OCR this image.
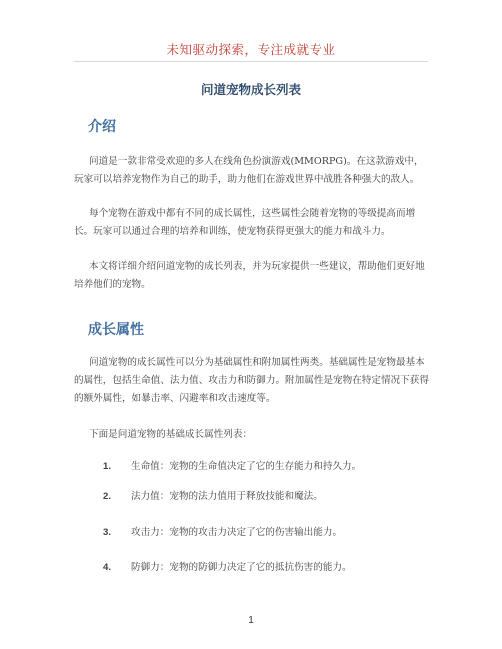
未知驱动探索，专注成就专业
问道宠物成长列表
介绍

问道是一款非常受欢迎的多人在线角色扮演游戏(MMORPG)。在这款游戏中，玩家可以培养宠物作为自己的助手，助力他们在游戏世界中战胜各种强大的敌人。

每个宠物在游戏中都有不同的成长属性，这些属性会随着宠物的等级提高而增长。玩家可以通过合理的培养和训练，使宠物获得更强大的能力和战斗力。

本文将详细介绍问道宠物的成长列表，并为玩家提供一些建议，帮助他们更好地培养他们的宠物。

成长属性

问道宠物的成长属性可以分为基础属性和附加属性两类。基础属性是宠物最基本的属性，包括生命值、法力值、攻击力和防御力。附加属性是宠物在特定情况下获得的额外属性，如暴击率、闪避率和攻击速度等。

下面是问道宠物的基础成长属性列表：

1. 生命值：宠物的生命值决定了它的生存能力和持久力。
2. 法力值：宠物的法力值用于释放技能和魔法。
3. 攻击力：宠物的攻击力决定了它的伤害输出能力。
4. 防御力：宠物的防御力决定了它的抵抗伤害的能力。
1
